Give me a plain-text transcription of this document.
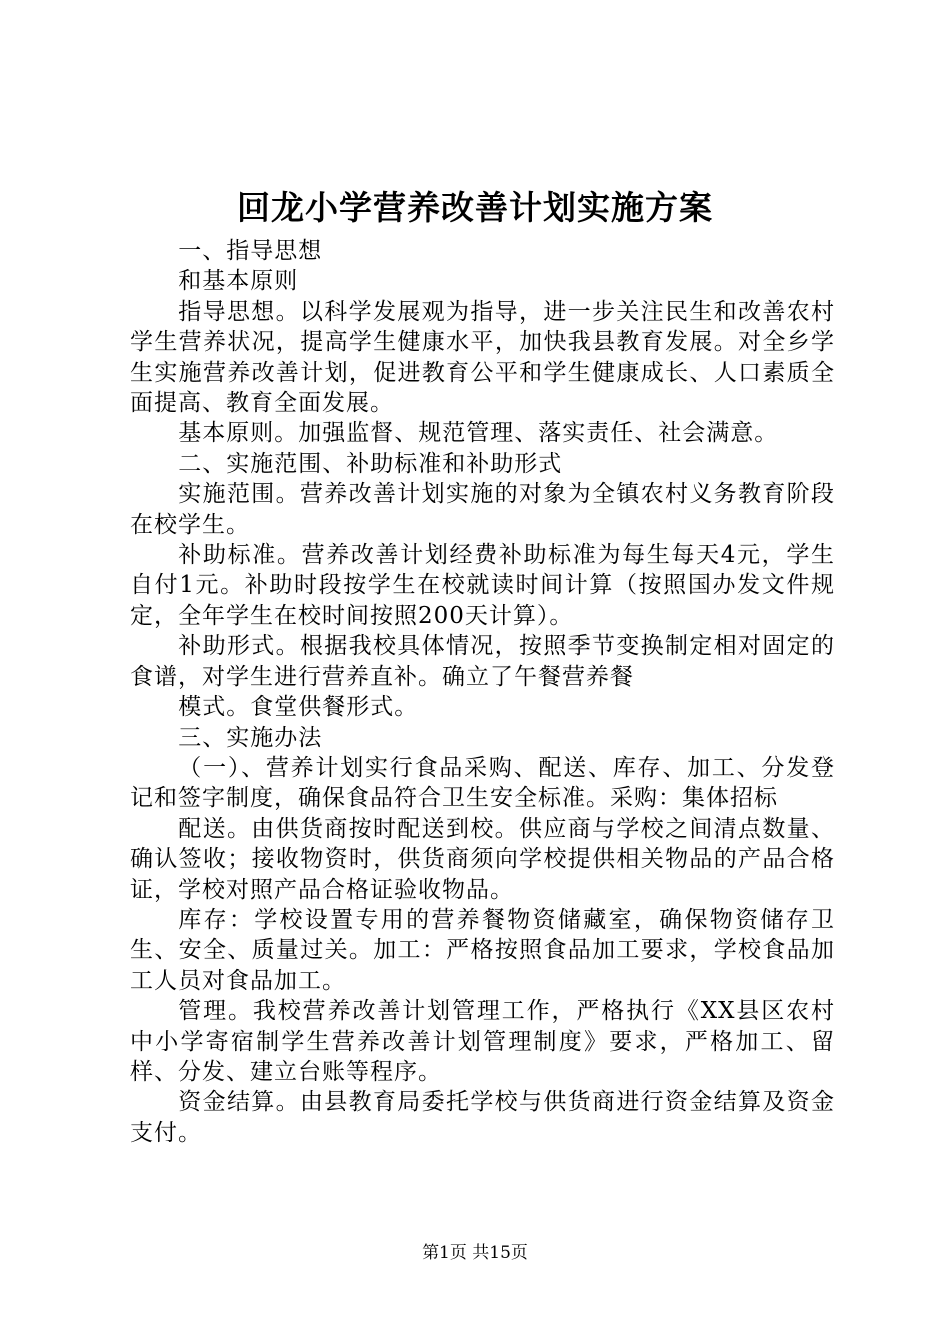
回龙小学营养改善计划实施方案

一、指导思想

和基本原则

指导思想。以科学发展观为指导，进一步关注民生和改善农村学生营养状况，提高学生健康水平，加快我县教育发展。对全乡学生实施营养改善计划，促进教育公平和学生健康成长、人口素质全面提高、教育全面发展。

基本原则。加强监督、规范管理、落实责任、社会满意。

二、实施范围、补助标准和补助形式

实施范围。营养改善计划实施的对象为全镇农村义务教育阶段在校学生。

补助标准。营养改善计划经费补助标准为每生每天4元，学生自付1元。补助时段按学生在校就读时间计算（按照国办发文件规定，全年学生在校时间按照200天计算）。

补助形式。根据我校具体情况，按照季节变换制定相对固定的食谱，对学生进行营养直补。确立了午餐营养餐

模式。食堂供餐形式。

三、实施办法

（一）、营养计划实行食品采购、配送、库存、加工、分发登记和签字制度，确保食品符合卫生安全标准。采购：集体招标

配送。由供货商按时配送到校。供应商与学校之间清点数量、确认签收；接收物资时，供货商须向学校提供相关物品的产品合格证，学校对照产品合格证验收物品。

库存：学校设置专用的营养餐物资储藏室，确保物资储存卫生、安全、质量过关。加工：严格按照食品加工要求，学校食品加工人员对食品加工。

管理。我校营养改善计划管理工作，严格执行《XX县区农村中小学寄宿制学生营养改善计划管理制度》要求，严格加工、留样、分发、建立台账等程序。

资金结算。由县教育局委托学校与供货商进行资金结算及资金支付。

第1页 共15页
